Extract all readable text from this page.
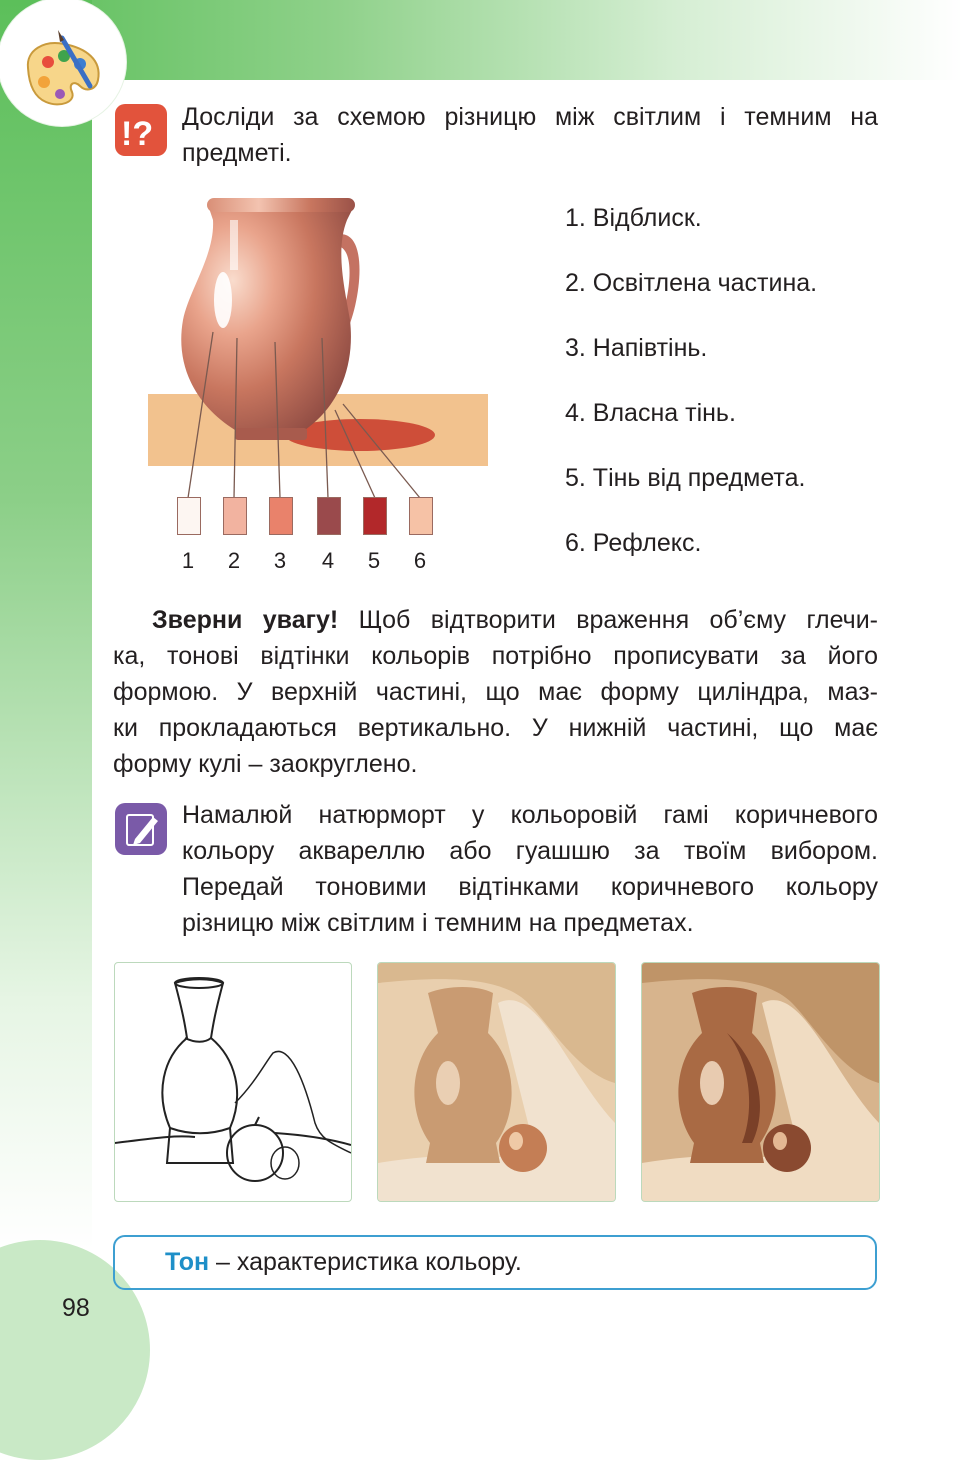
!? Дослiди за схемою рiзницю мiж свiтлим i темним на
предметi.
1 2 3 4 5 6
1. Вiдблиск.
2. Освiтлена частина.
3. Напiвтiнь.
4. Власна тiнь.
5. Тiнь вiд предмета.
6. Рефлекс.
Зверни увагу! Щоб вiдтворити враження об’єму глечи-
ка, тоновi вiдтiнки кольорiв потрiбно прописувати за його
формою. У верхнiй частинi, що має форму цилiндра, маз-
ки прокладаються вертикально. У нижнiй частинi, що має
форму кулi – заокруглено.
Намалюй натюрморт у кольоровiй гамi коричневого
кольору аквареллю або гуашшю за твоїм вибором.
Передай тоновими вiдтiнками коричневого кольору
рiзницю мiж свiтлим i темним на предметах.
Тон – характеристика кольору.
98
